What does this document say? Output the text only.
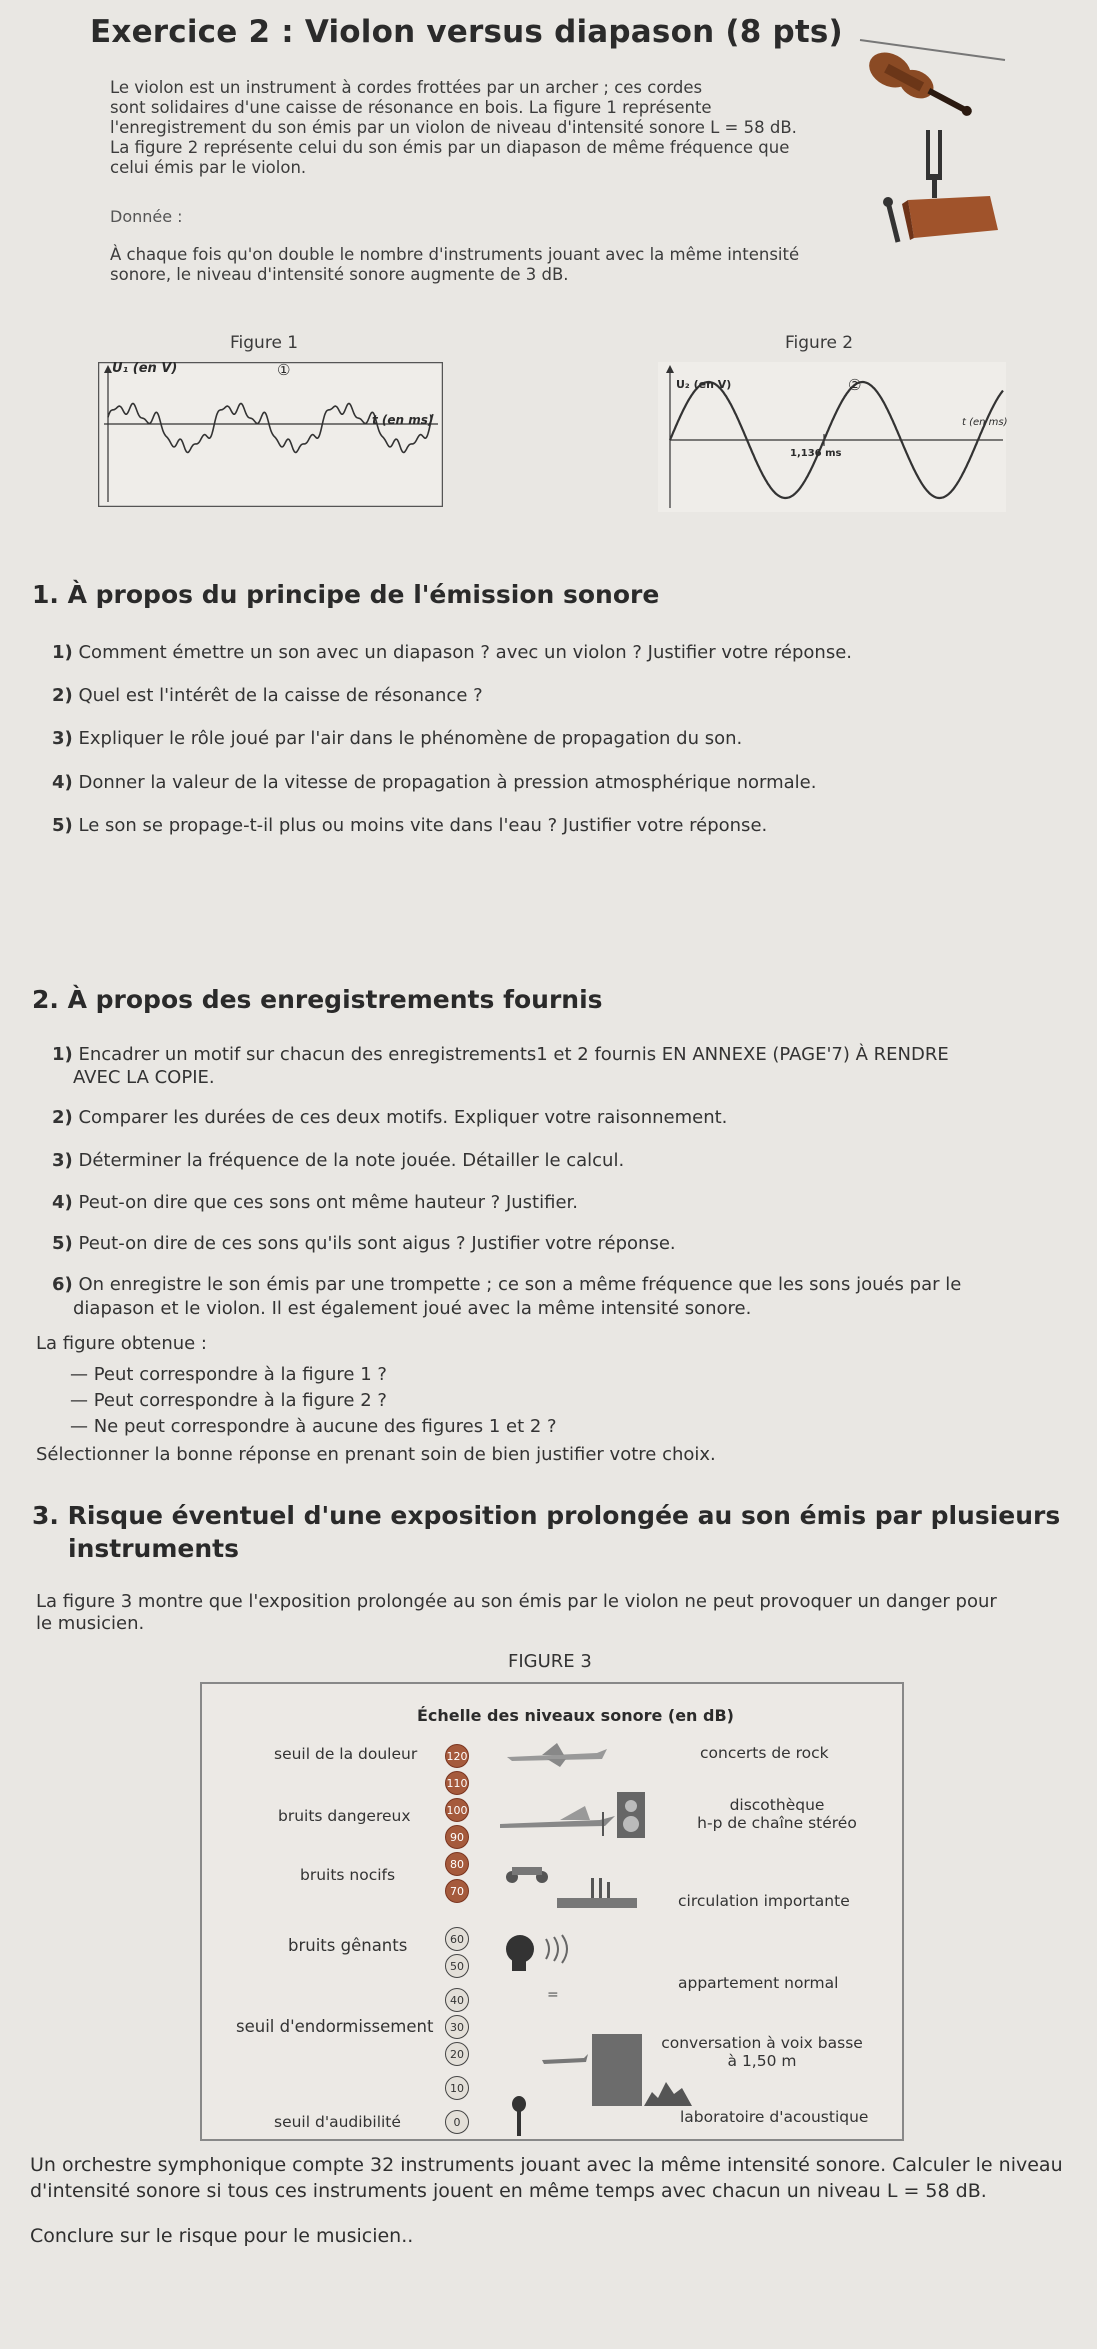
Exercice 2 : Violon versus diapason (8 pts)
Le violon est un instrument à cordes frottées par un archer ; ces cordes
sont solidaires d'une caisse de résonance en bois. La figure 1 représente
l'enregistrement du son émis par un violon de niveau d'intensité sonore L = 58 dB.
La figure 2 représente celui du son émis par un diapason de même fréquence que
celui émis par le violon.
Donnée :
À chaque fois qu'on double le nombre d'instruments jouant avec la même intensité
sonore, le niveau d'intensité sonore augmente de 3 dB.
Figure 1
U₁ (en V)	①
t (en ms)
Figure 2
U₂ (en V)	②
1,136 ms
t (en ms)
1. À propos du principe de l'émission sonore
1) Comment émettre un son avec un diapason ? avec un violon ? Justifier votre réponse.
2) Quel est l'intérêt de la caisse de résonance ?
3) Expliquer le rôle joué par l'air dans le phénomène de propagation du son.
4) Donner la valeur de la vitesse de propagation à pression atmosphérique normale.
5) Le son se propage-t-il plus ou moins vite dans l'eau ? Justifier votre réponse.
2. À propos des enregistrements fournis
1) Encadrer un motif sur chacun des enregistrements1 et 2 fournis EN ANNEXE (PAGE'7) À RENDRE
AVEC LA COPIE.
2) Comparer les durées de ces deux motifs. Expliquer votre raisonnement.
3) Déterminer la fréquence de la note jouée. Détailler le calcul.
4) Peut-on dire que ces sons ont même hauteur ? Justifier.
5) Peut-on dire de ces sons qu'ils sont aigus ? Justifier votre réponse.
6) On enregistre le son émis par une trompette ; ce son a même fréquence que les sons joués par le
diapason et le violon. Il est également joué avec la même intensité sonore.
La figure obtenue :
— Peut correspondre à la figure 1 ?
— Peut correspondre à la figure 2 ?
— Ne peut correspondre à aucune des figures 1 et 2 ?
Sélectionner la bonne réponse en prenant soin de bien justifier votre choix.
3. Risque éventuel d'une exposition prolongée au son émis par plusieurs
instruments
La figure 3 montre que l'exposition prolongée au son émis par le violon ne peut provoquer un danger pour
le musicien.
FIGURE 3
Échelle des niveaux sonore (en dB)
seuil de la douleur
bruits dangereux
bruits nocifs
bruits gênants
seuil d'endormissement
seuil d'audibilité
120
110
100
90
80
70
60
50
40
30
20
10
0
=
concerts de rock
discothèque
h-p de chaîne stéréo
circulation importante
appartement normal
conversation à voix basse
à 1,50 m
laboratoire d'acoustique
Un orchestre symphonique compte 32 instruments jouant avec la même intensité sonore. Calculer le niveau
d'intensité sonore si tous ces instruments jouent en même temps avec chacun un niveau L = 58 dB.
Conclure sur le risque pour le musicien..
